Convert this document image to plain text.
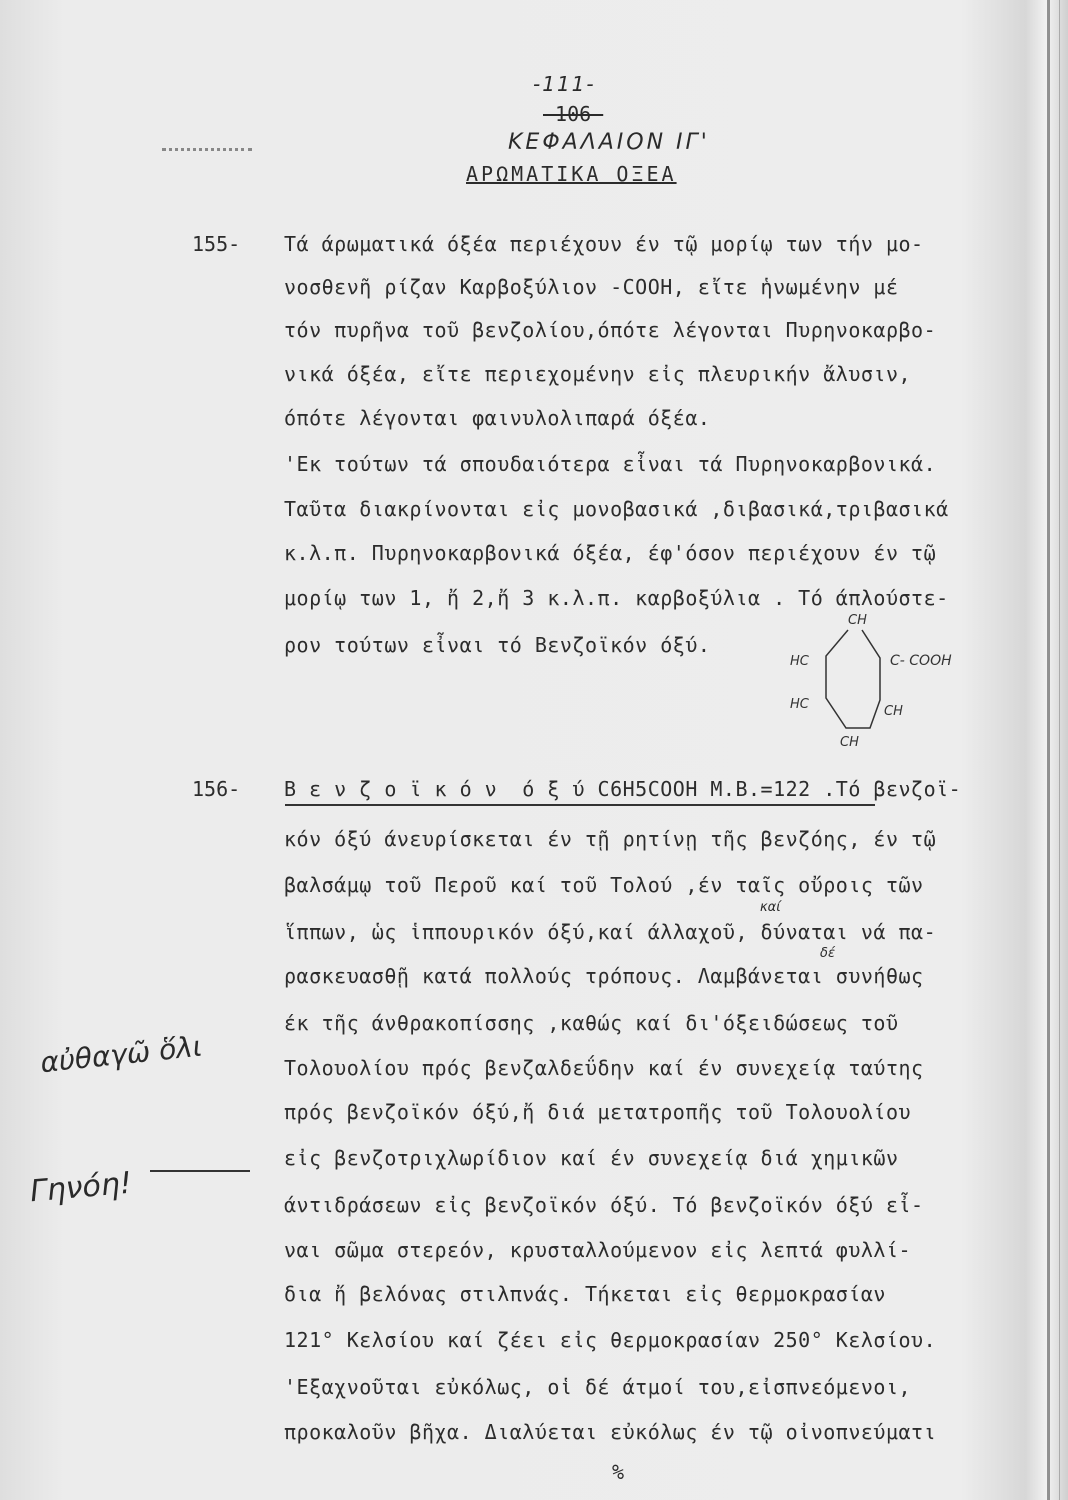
-111-
-106-
ΚΕΦΑΛΑΙΟΝ ΙΓ'
ΑΡΩΜΑΤΙΚΑ ΟΞΕΑ
155- Τά άρωματικά όξέα περιέχουν έν τῷ μορίῳ των τήν μο-
νοσθενῆ ρίζαν Καρβοξύλιον -COOH, εἴτε ἡνωμένην μέ
τόν πυρῆνα τοῦ βενζολίου,όπότε λέγονται Πυρηνοκαρβο-
νικά όξέα, εἴτε περιεχομένην εἰς πλευρικήν ἄλυσιν,
όπότε λέγονται φαινυλολιπαρά όξέα.
'Εκ τούτων τά σπουδαιότερα εἶναι τά Πυρηνοκαρβονικά.
Ταῦτα διακρίνονται εἰς μονοβασικά ,διβασικά,τριβασικά
κ.λ.π. Πυρηνοκαρβονικά όξέα, έφ'όσον περιέχουν έν τῷ
μορίῳ των 1, ἤ 2,ἤ 3 κ.λ.π. καρβοξύλια . Τό άπλούστε-
ρον τούτων εἶναι τό Βενζοϊκόν όξύ.
CH
HC	C- COOH
HC	CH
CH
156- Β ε ν ζ ο ϊ κ ό ν  ό ξ ύ C6H5COOH M.B.=122 .Τό βενζοϊ-
κόν όξύ άνευρίσκεται έν τῇ ρητίνῃ τῆς βενζόης, έν τῷ
βαλσάμῳ τοῦ Περοῦ καί τοῦ Τολού ,έν ταῖς οὔροις τῶν
ἵππων, ὡς ἱππουρικόν όξύ,καί άλλαχοῦ, δύναται νά πα-
ρασκευασθῇ κατά πολλούς τρόπους. Λαμβάνεται συνήθως
έκ τῆς άνθρακοπίσσης ,καθώς καί δι'όξειδώσεως τοῦ
Τολουολίου πρός βενζαλδεΰδην καί έν συνεχείᾳ ταύτης
πρός βενζοϊκόν όξύ,ἤ διά μετατροπῆς τοῦ Τολουολίου
εἰς βενζοτριχλωρίδιον καί έν συνεχείᾳ διά χημικῶν
άντιδράσεων εἰς βενζοϊκόν όξύ. Τό βενζοϊκόν όξύ εἶ-
ναι σῶμα στερεόν, κρυσταλλούμενον εἰς λεπτά φυλλί-
δια ἤ βελόνας στιλπνάς. Τήκεται εἰς θερμοκρασίαν
121° Κελσίου καί ζέει εἰς θερμοκρασίαν 250° Κελσίου.
'Εξαχνοῦται εὐκόλως, οἱ δέ άτμοί του,εἰσπνεόμενοι,
προκαλοῦν βῆχα. Διαλύεται εὐκόλως έν τῷ οἰνοπνεύματι
καί
δέ
αὐθαγῶ ὅλι
Γηνόη!
%
